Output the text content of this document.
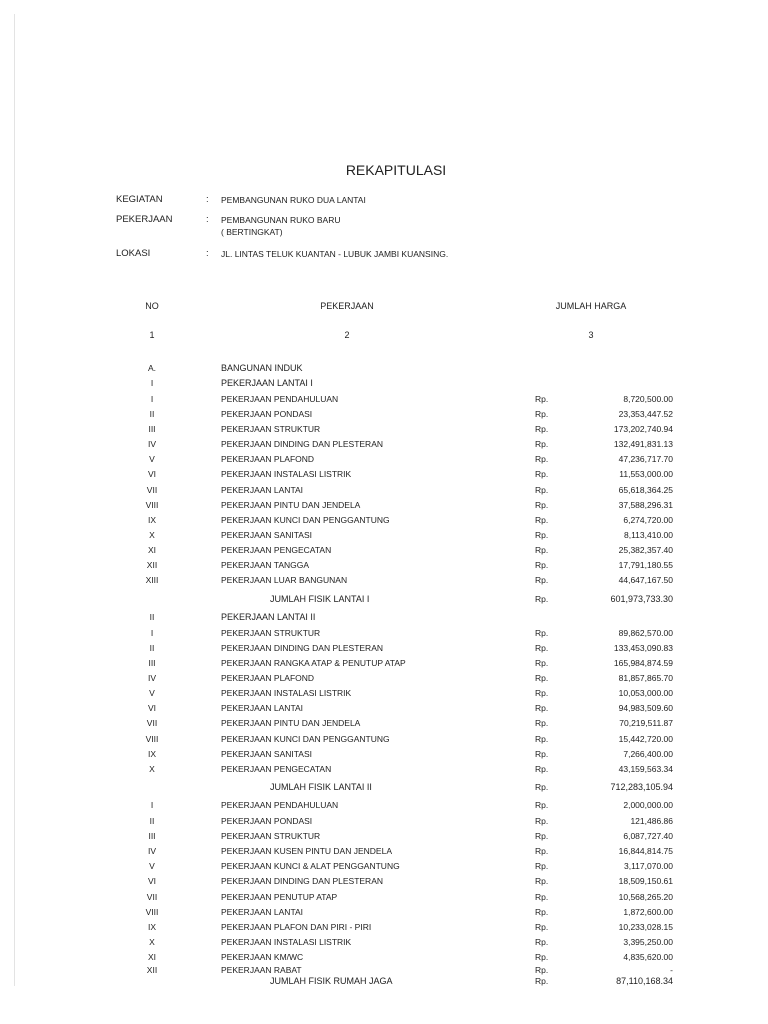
REKAPITULASI
KEGIATAN	: PEMBANGUNAN RUKO DUA LANTAI
PEKERJAAN	: PEMBANGUNAN RUKO BARU
( BERTINGKAT)
LOKASI	: JL. LINTAS TELUK KUANTAN - LUBUK JAMBI KUANSING.
NO	PEKERJAAN	JUMLAH HARGA
1	2	3
A.	BANGUNAN INDUK
I	PEKERJAAN LANTAI I
I	PEKERJAAN PENDAHULUAN	Rp.	8,720,500.00
II	PEKERJAAN PONDASI	Rp.	23,353,447.52
III	PEKERJAAN STRUKTUR	Rp.	173,202,740.94
IV	PEKERJAAN DINDING DAN PLESTERAN	Rp.	132,491,831.13
V	PEKERJAAN PLAFOND	Rp.	47,236,717.70
VI	PEKERJAAN INSTALASI LISTRIK	Rp.	11,553,000.00
VII	PEKERJAAN LANTAI	Rp.	65,618,364.25
VIII	PEKERJAAN PINTU DAN JENDELA	Rp.	37,588,296.31
IX	PEKERJAAN KUNCI DAN PENGGANTUNG	Rp.	6,274,720.00
X	PEKERJAAN SANITASI	Rp.	8,113,410.00
XI	PEKERJAAN PENGECATAN	Rp.	25,382,357.40
XII	PEKERJAAN TANGGA	Rp.	17,791,180.55
XIII	PEKERJAAN LUAR BANGUNAN	Rp.	44,647,167.50
JUMLAH FISIK LANTAI I	Rp.	601,973,733.30
II	PEKERJAAN LANTAI II
I	PEKERJAAN STRUKTUR	Rp.	89,862,570.00
II	PEKERJAAN DINDING DAN PLESTERAN	Rp.	133,453,090.83
III	PEKERJAAN RANGKA ATAP & PENUTUP ATAP	Rp.	165,984,874.59
IV	PEKERJAAN PLAFOND	Rp.	81,857,865.70
V	PEKERJAAN INSTALASI LISTRIK	Rp.	10,053,000.00
VI	PEKERJAAN LANTAI	Rp.	94,983,509.60
VII	PEKERJAAN PINTU DAN JENDELA	Rp.	70,219,511.87
VIII	PEKERJAAN KUNCI DAN PENGGANTUNG	Rp.	15,442,720.00
IX	PEKERJAAN SANITASI	Rp.	7,266,400.00
X	PEKERJAAN PENGECATAN	Rp.	43,159,563.34
JUMLAH FISIK LANTAI II	Rp.	712,283,105.94
I	PEKERJAAN PENDAHULUAN	Rp.	2,000,000.00
II	PEKERJAAN PONDASI	Rp.	121,486.86
III	PEKERJAAN STRUKTUR	Rp.	6,087,727.40
IV	PEKERJAAN KUSEN PINTU DAN JENDELA	Rp.	16,844,814.75
V	PEKERJAAN KUNCI & ALAT PENGGANTUNG	Rp.	3,117,070.00
VI	PEKERJAAN DINDING DAN PLESTERAN	Rp.	18,509,150.61
VII	PEKERJAAN PENUTUP ATAP	Rp.	10,568,265.20
VIII	PEKERJAAN LANTAI	Rp.	1,872,600.00
IX	PEKERJAAN PLAFON DAN PIRI - PIRI	Rp.	10,233,028.15
X	PEKERJAAN INSTALASI LISTRIK	Rp.	3,395,250.00
XI	PEKERJAAN KM/WC	Rp.	4,835,620.00
XII	PEKERJAAN RABAT	Rp.	-
JUMLAH FISIK RUMAH JAGA	Rp.	87,110,168.34
